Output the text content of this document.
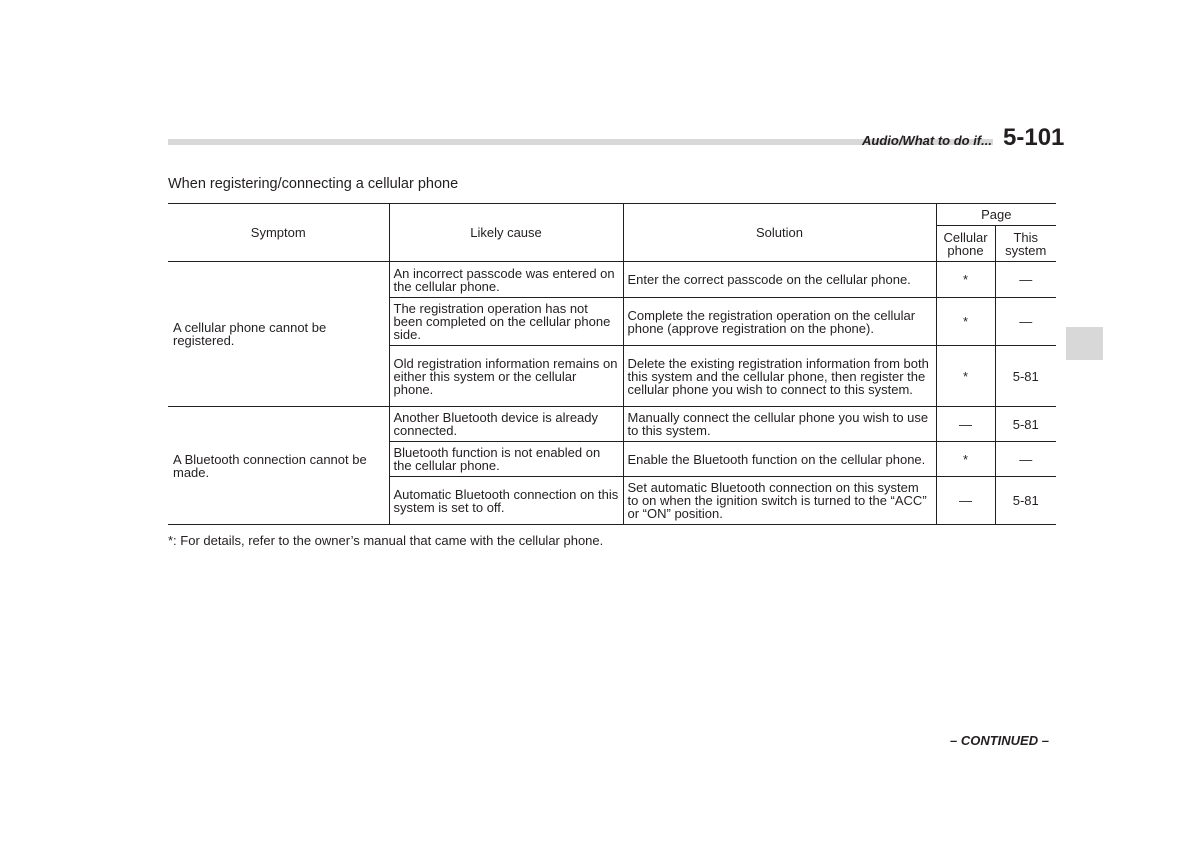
Audio/What to do if... 5-101
When registering/connecting a cellular phone
Symptom	Likely cause	Solution	Page	
			Cellular phone	This system
A cellular phone cannot be registered.	An incorrect passcode was entered on the cellular phone.	Enter the correct passcode on the cellular phone.	*	—
	The registration operation has not been completed on the cellular phone side.	Complete the registration operation on the cellular phone (approve registration on the phone).	*	—
	Old registration information remains on either this system or the cellular phone.	Delete the existing registration information from both this system and the cellular phone, then register the cellular phone you wish to connect to this system.	*	5-81
A Bluetooth connection cannot be made.	Another Bluetooth device is already connected.	Manually connect the cellular phone you wish to use to this system.	—	5-81
	Bluetooth function is not enabled on the cellular phone.	Enable the Bluetooth function on the cellular phone.	*	—
	Automatic Bluetooth connection on this system is set to off.	Set automatic Bluetooth connection on this system to on when the ignition switch is turned to the “ACC” or “ON” position.	—	5-81
*: For details, refer to the owner’s manual that came with the cellular phone.
– CONTINUED –
